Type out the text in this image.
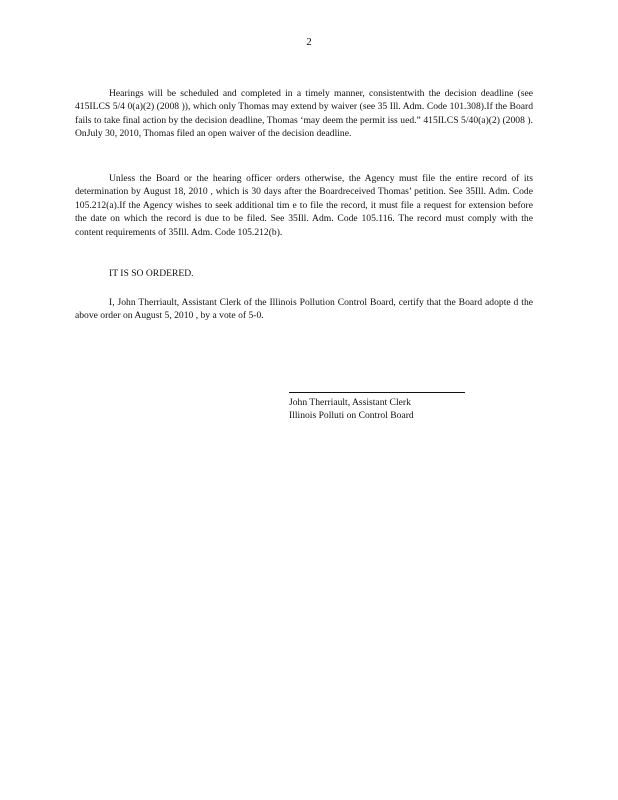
2

Hearings will be scheduled and completed in a timely manner, consistentwith the decision deadline (see 415ILCS 5/4 0(a)(2) (2008 )), which only Thomas may extend by waiver (see 35 Ill. Adm. Code 101.308).If the Board fails to take final action by the decision deadline, Thomas ‘may deem the permit iss ued.” 415ILCS 5/40(a)(2) (2008 ). OnJuly 30, 2010, Thomas filed an open waiver of the decision deadline.

Unless the Board or the hearing officer orders otherwise, the Agency must file the entire record of its determination by August 18, 2010 , which is 30 days after the Boardreceived Thomas’ petition. See 35Ill. Adm. Code 105.212(a).If the Agency wishes to seek additional tim e to file the record, it must file a request for extension before the date on which the record is due to be filed. See 35Ill. Adm. Code 105.116. The record must comply with the content requirements of 35Ill. Adm. Code 105.212(b).

IT IS SO ORDERED.

I, John Therriault, Assistant Clerk of the Illinois Pollution Control Board, certify that the Board adopte d the above order on August 5, 2010 , by a vote of 5-0.

John Therriault, Assistant Clerk
Illinois Polluti on Control Board
